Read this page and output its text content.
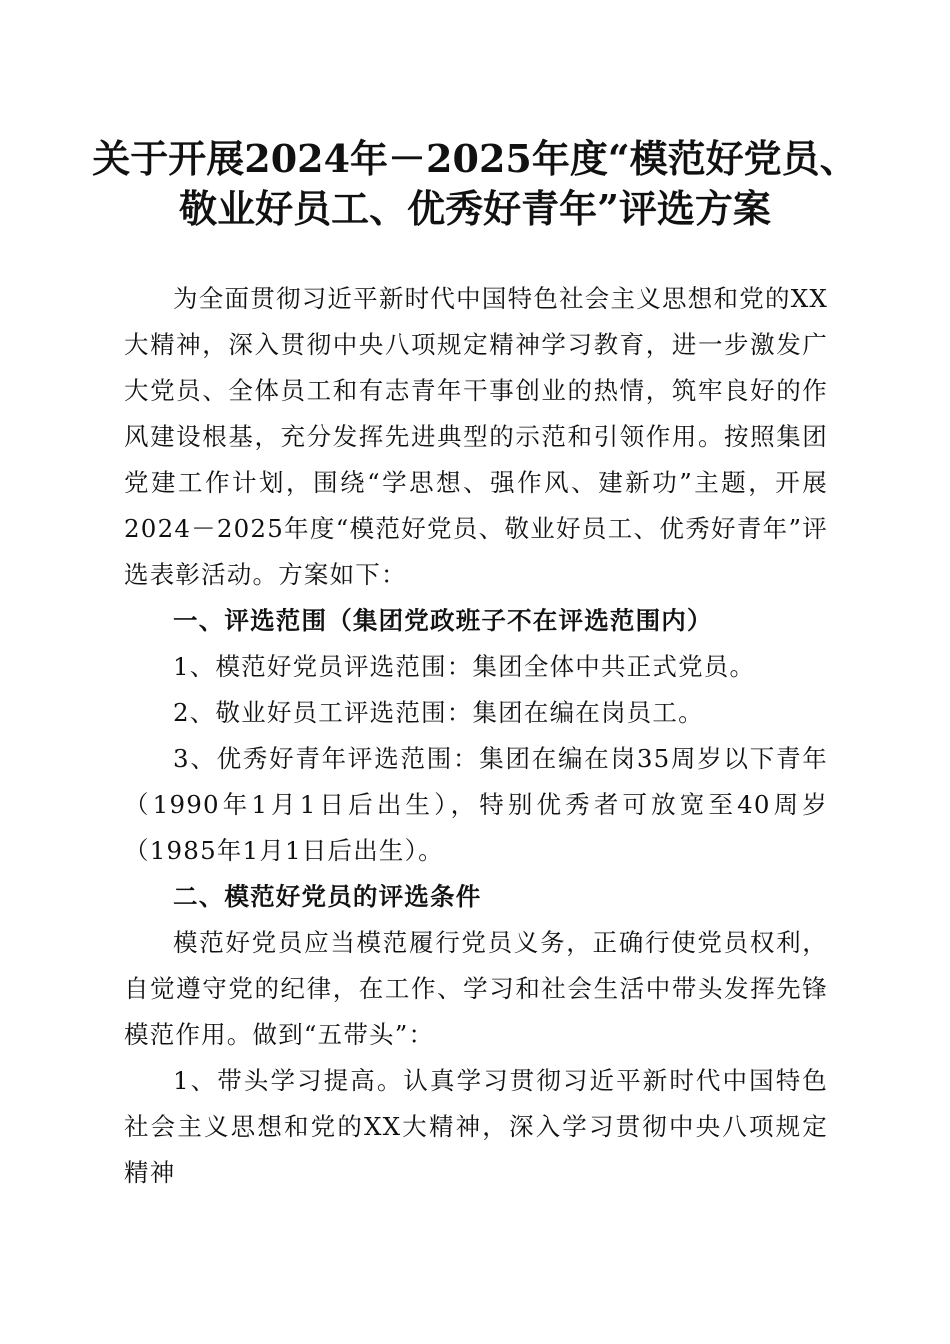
关于开展2024年－2025年度“模范好党员、
敬业好员工、优秀好青年”评选方案

为全面贯彻习近平新时代中国特色社会主义思想和党的XX大精神，深入贯彻中央八项规定精神学习教育，进一步激发广大党员、全体员工和有志青年干事创业的热情，筑牢良好的作风建设根基，充分发挥先进典型的示范和引领作用。按照集团党建工作计划，围绕“学思想、强作风、建新功”主题，开展2024－2025年度“模范好党员、敬业好员工、优秀好青年”评选表彰活动。方案如下：

一、评选范围（集团党政班子不在评选范围内）

1、模范好党员评选范围：集团全体中共正式党员。

2、敬业好员工评选范围：集团在编在岗员工。

3、优秀好青年评选范围：集团在编在岗35周岁以下青年（1990年1月1日后出生），特别优秀者可放宽至40周岁（1985年1月1日后出生）。

二、模范好党员的评选条件

模范好党员应当模范履行党员义务，正确行使党员权利，自觉遵守党的纪律，在工作、学习和社会生活中带头发挥先锋模范作用。做到“五带头”：

1、带头学习提高。认真学习贯彻习近平新时代中国特色社会主义思想和党的XX大精神，深入学习贯彻中央八项规定精神
